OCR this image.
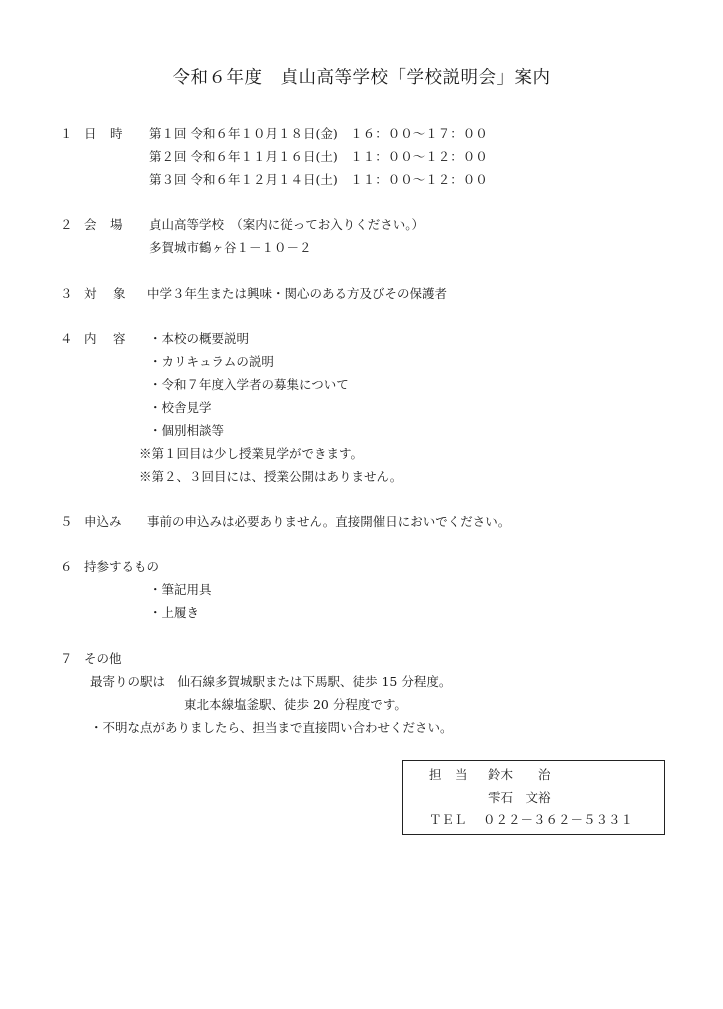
令和６年度　貞山高等学校「学校説明会」案内
１ 日 時 第１回 令和６年１０月１８日(金)　１６：００〜１７：００
第２回 令和６年１１月１６日(土)　１１：００〜１２：００
第３回 令和６年１２月１４日(土)　１１：００〜１２：００
２ 会 場 貞山高等学校　（案内に従ってお入りください。）
多賀城市鶴ヶ谷１－１０－２
３ 対 象 中学３年生または興味・関心のある方及びその保護者
４ 内 容 ・本校の概要説明
・カリキュラムの説明
・令和７年度入学者の募集について
・校舎見学
・個別相談等
※第１回目は少し授業見学ができます。
※第２、３回目には、授業公開はありません。
５ 申込み 事前の申込みは必要ありません。直接開催日においでください。
６ 持参するもの
・筆記用具
・上履き
７ その他
最寄りの駅は　仙石線多賀城駅または下馬駅、徒歩 15 分程度。
東北本線塩釜駅、徒歩 20 分程度です。
・不明な点がありましたら、担当まで直接問い合わせください。
担 当 鈴木　　治
雫石　文裕
ＴＥＬ ０２２－３６２－５３３１
